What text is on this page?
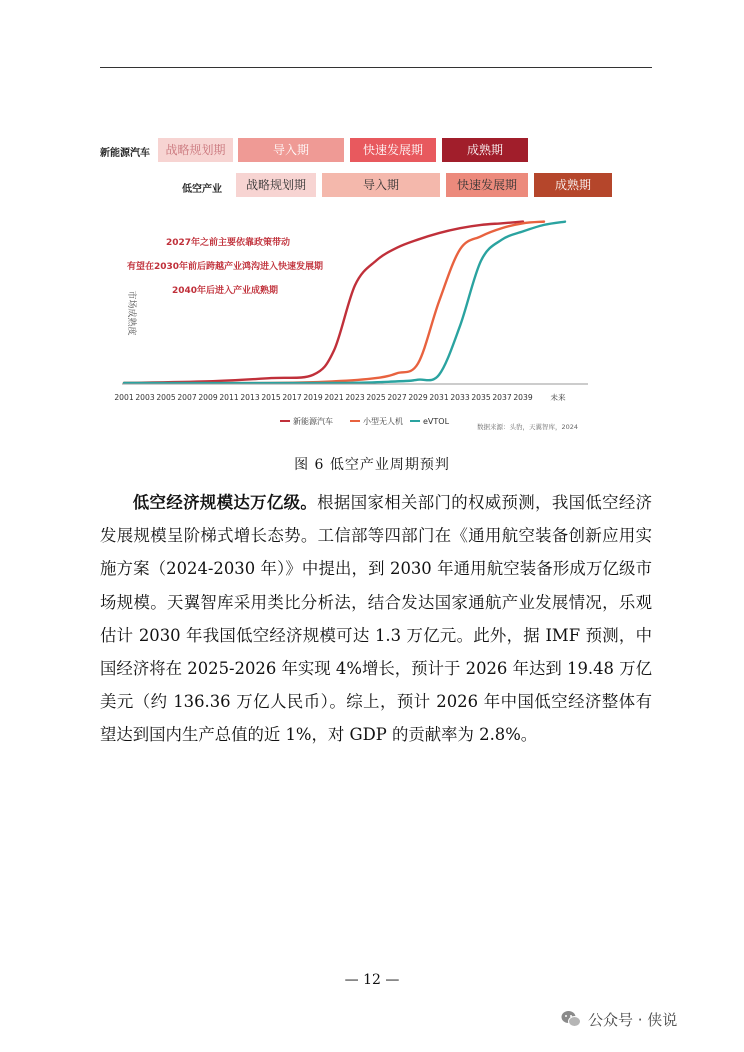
新能源汽车	战略规划期	导入期	快速发展期	成熟期
低空产业	战略规划期	导入期	快速发展期	成熟期
2027年之前主要依靠政策带动
有望在2030年前后跨越产业鸿沟进入快速发展期
2040年后进入产业成熟期
2001 2003 2005 2007 2009 2011 2013 2015 2017 2019 2021 2023 2025 2027 2029 2031 2033 2035 2037 2039 未来
市场成熟度
新能源汽车	小型无人机	eVTOL
数据来源：头豹，天翼智库，2024
图 6 低空产业周期预判

低空经济规模达万亿级。根据国家相关部门的权威预测，我国低空经济发展规模呈阶梯式增长态势。工信部等四部门在《通用航空装备创新应用实施方案（2024-2030 年）》中提出，到 2030 年通用航空装备形成万亿级市场规模。天翼智库采用类比分析法，结合发达国家通航产业发展情况，乐观估计 2030 年我国低空经济规模可达 1.3 万亿元。此外，据 IMF 预测，中国经济将在 2025-2026 年实现 4%增长，预计于 2026 年达到 19.48 万亿美元（约 136.36 万亿人民币）。综上，预计 2026 年中国低空经济整体有望达到国内生产总值的近 1%，对 GDP 的贡献率为 2.8%。

— 12 —
公众号 · 侠说
